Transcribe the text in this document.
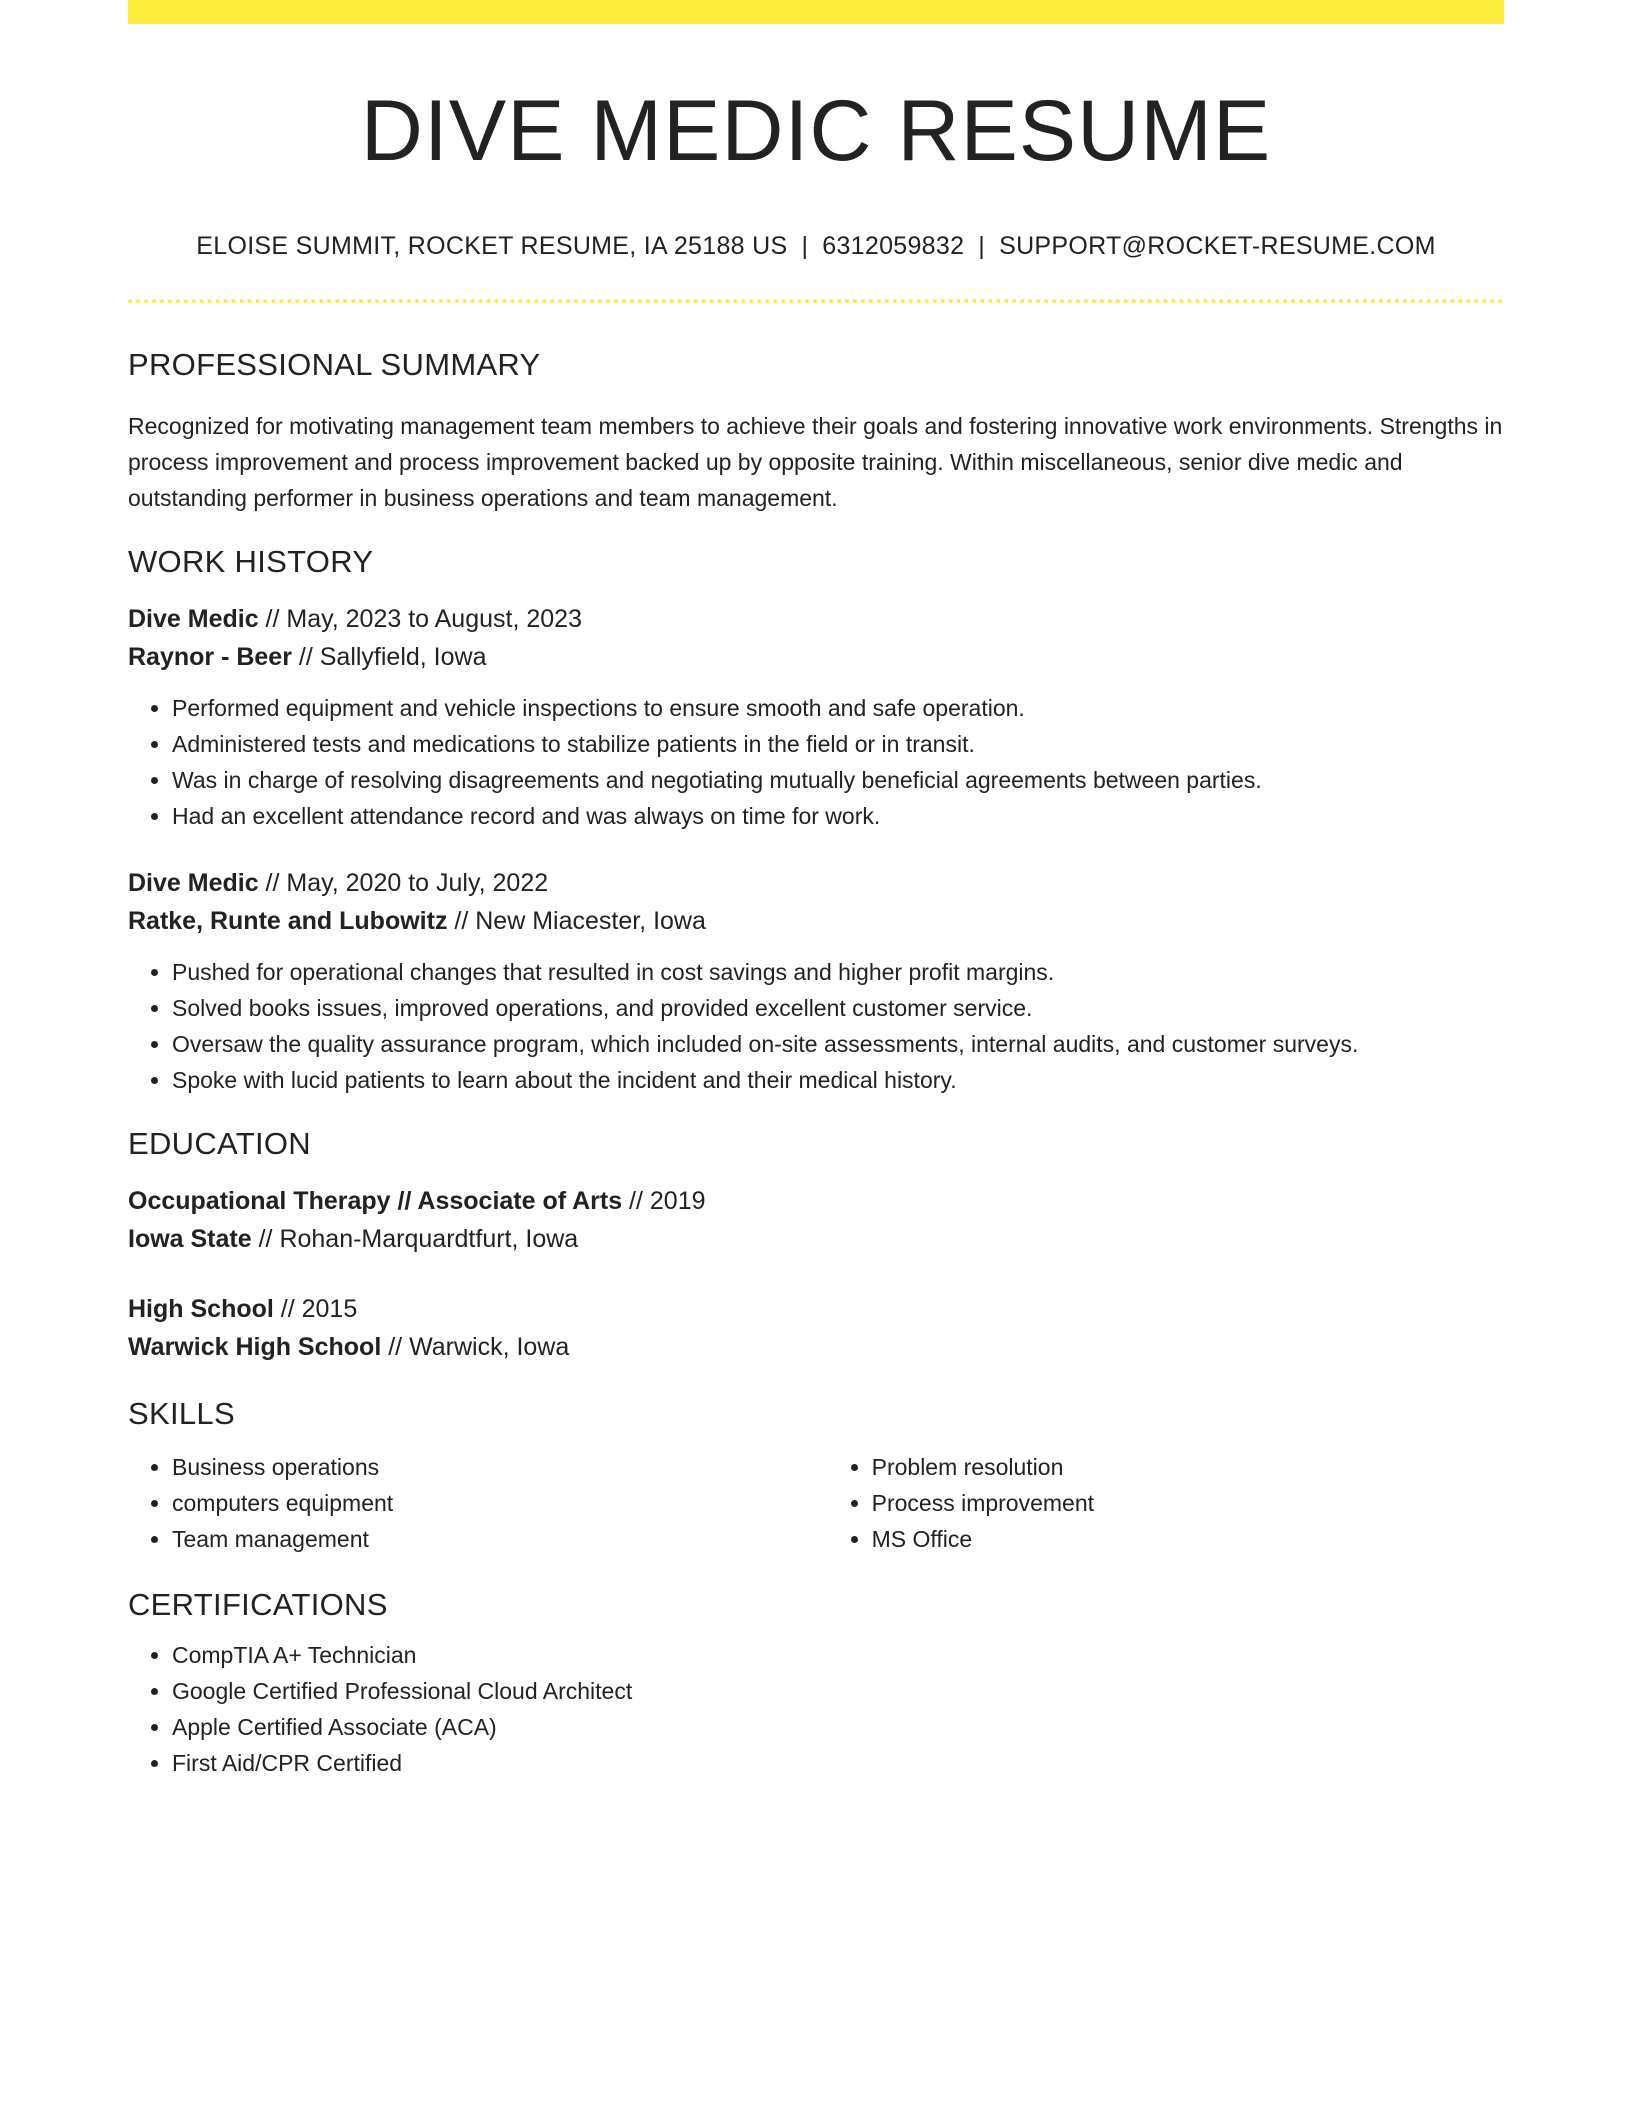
DIVE MEDIC RESUME
ELOISE SUMMIT, ROCKET RESUME, IA 25188 US | 6312059832 | SUPPORT@ROCKET-RESUME.COM
PROFESSIONAL SUMMARY

Recognized for motivating management team members to achieve their goals and fostering innovative work environments. Strengths in process improvement and process improvement backed up by opposite training. Within miscellaneous, senior dive medic and outstanding performer in business operations and team management.

WORK HISTORY
Dive Medic // May, 2023 to August, 2023
Raynor - Beer // Sallyfield, Iowa
• Performed equipment and vehicle inspections to ensure smooth and safe operation.
• Administered tests and medications to stabilize patients in the field or in transit.
• Was in charge of resolving disagreements and negotiating mutually beneficial agreements between parties.
• Had an excellent attendance record and was always on time for work.
Dive Medic // May, 2020 to July, 2022
Ratke, Runte and Lubowitz // New Miacester, Iowa
• Pushed for operational changes that resulted in cost savings and higher profit margins.
• Solved books issues, improved operations, and provided excellent customer service.
• Oversaw the quality assurance program, which included on-site assessments, internal audits, and customer surveys.
• Spoke with lucid patients to learn about the incident and their medical history.
EDUCATION
Occupational Therapy // Associate of Arts // 2019
Iowa State // Rohan-Marquardtfurt, Iowa
High School // 2015
Warwick High School // Warwick, Iowa
SKILLS
• Business operations
• computers equipment
• Team management
• Problem resolution
• Process improvement
• MS Office
CERTIFICATIONS
• CompTIA A+ Technician
• Google Certified Professional Cloud Architect
• Apple Certified Associate (ACA)
• First Aid/CPR Certified
